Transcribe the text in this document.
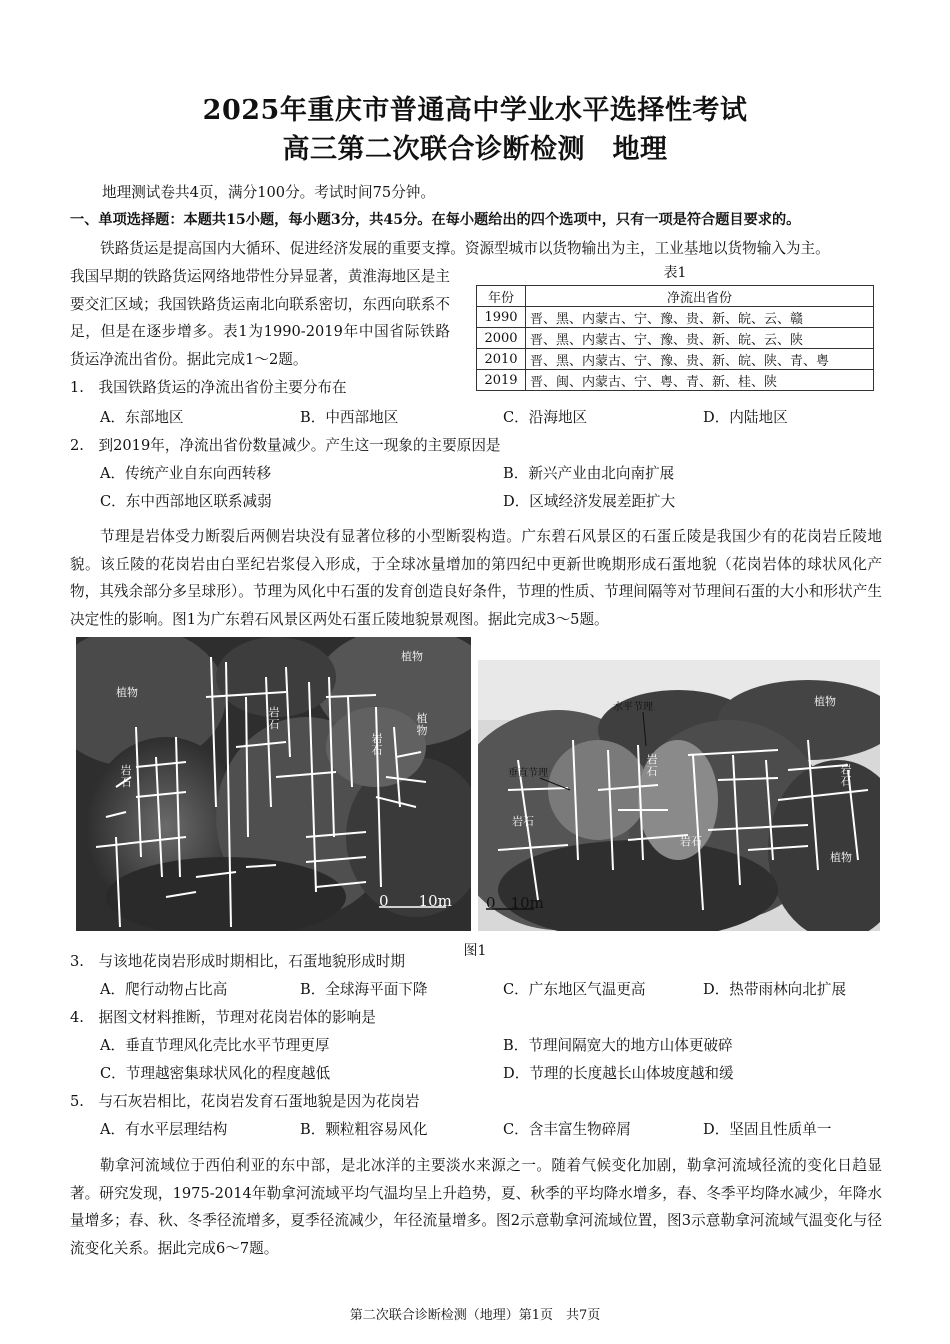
2025年重庆市普通高中学业水平选择性考试
高三第二次联合诊断检测　地理
地理测试卷共4页，满分100分。考试时间75分钟。
一、单项选择题：本题共15小题，每小题3分，共45分。在每小题给出的四个选项中，只有一项是符合题目要求的。
铁路货运是提高国内大循环、促进经济发展的重要支撑。资源型城市以货物输出为主，工业基地以货物输入为主。
我国早期的铁路货运网络地带性分异显著，黄淮海地区是主要交汇区域；我国铁路货运南北向联系密切，东西向联系不足，但是在逐步增多。表1为1990-2019年中国省际铁路货运净流出省份。据此完成1～2题。
表1
年份	净流出省份
1990	晋、黑、内蒙古、宁、豫、贵、新、皖、云、赣
2000	晋、黑、内蒙古、宁、豫、贵、新、皖、云、陕
2010	晋、黑、内蒙古、宁、豫、贵、新、皖、陕、青、粤
2019	晋、闽、内蒙古、宁、粤、青、新、桂、陕
1.　我国铁路货运的净流出省份主要分布在
A．东部地区	B．中西部地区	C．沿海地区	D．内陆地区
2.　到2019年，净流出省份数量减少。产生这一现象的主要原因是
A．传统产业自东向西转移	B．新兴产业由北向南扩展
C．东中西部地区联系减弱	D．区域经济发展差距扩大
节理是岩体受力断裂后两侧岩块没有显著位移的小型断裂构造。广东碧石风景区的石蛋丘陵是我国少有的花岗岩丘陵地貌。该丘陵的花岗岩由白垩纪岩浆侵入形成，于全球冰量增加的第四纪中更新世晚期形成石蛋地貌（花岗岩体的球状风化产物，其残余部分多呈球形）。节理为风化中石蛋的发育创造良好条件，节理的性质、节理间隔等对节理间石蛋的大小和形状产生决定性的影响。图1为广东碧石风景区两处石蛋丘陵地貌景观图。据此完成3～5题。
植物
植物
植物
岩石
岩石
岩石
0　　10m
水平节理
垂直节理
岩石	岩石
岩石
岩石
植物
植物
0　10m
图1
3.　与该地花岗岩形成时期相比，石蛋地貌形成时期
A．爬行动物占比高	B．全球海平面下降	C．广东地区气温更高	D．热带雨林向北扩展
4.　据图文材料推断，节理对花岗岩体的影响是
A．垂直节理风化壳比水平节理更厚	B．节理间隔宽大的地方山体更破碎
C．节理越密集球状风化的程度越低	D．节理的长度越长山体坡度越和缓
5.　与石灰岩相比，花岗岩发育石蛋地貌是因为花岗岩
A．有水平层理结构	B．颗粒粗容易风化	C．含丰富生物碎屑	D．坚固且性质单一
勒拿河流域位于西伯利亚的东中部，是北冰洋的主要淡水来源之一。随着气候变化加剧，勒拿河流域径流的变化日趋显著。研究发现，1975-2014年勒拿河流域平均气温均呈上升趋势，夏、秋季的平均降水增多，春、冬季平均降水减少，年降水量增多；春、秋、冬季径流增多，夏季径流减少，年径流量增多。图2示意勒拿河流域位置，图3示意勒拿河流域气温变化与径流变化关系。据此完成6～7题。
第二次联合诊断检测（地理）第1页　共7页
